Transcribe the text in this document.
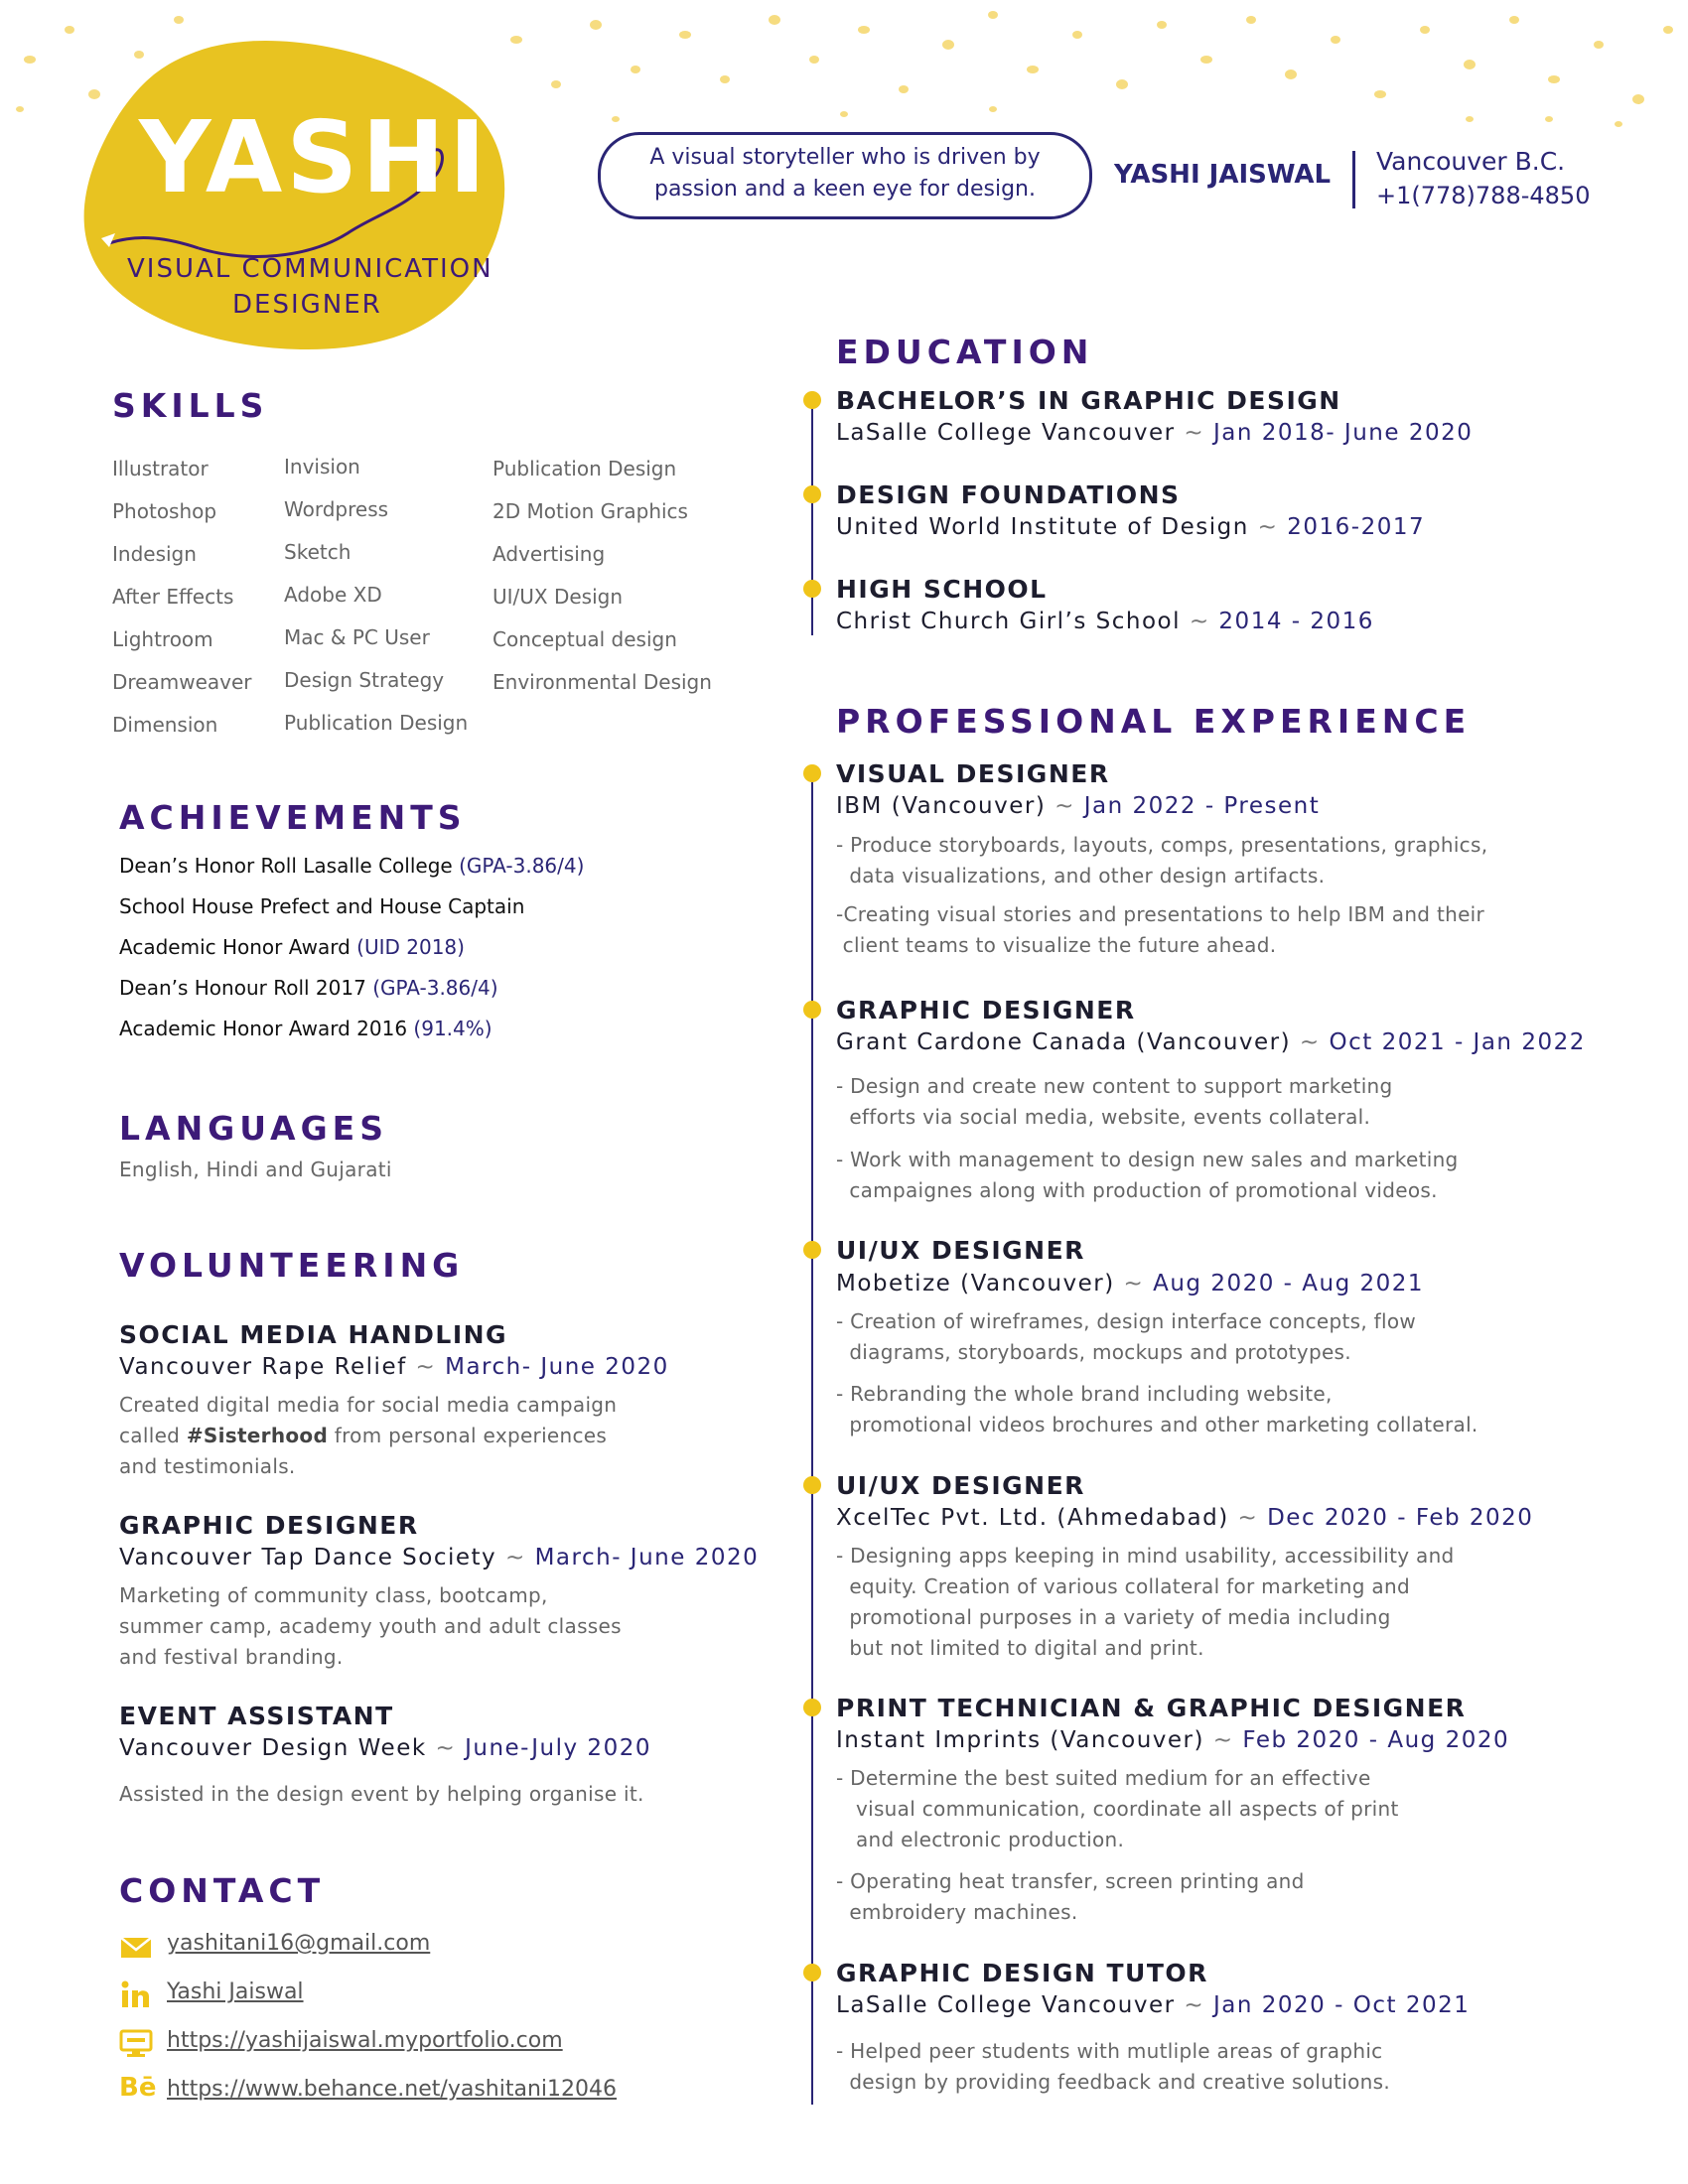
YASHI
VISUAL COMMUNICATION
DESIGNER
A visual storyteller who is driven by
passion and a keen eye for design.	YASHI JAISWAL Vancouver B.C.
+1(778)788-4850
SKILLS
Illustrator
Photoshop
Indesign
After Effects
Lightroom
Dreamweaver
Dimension
Invision
Wordpress
Sketch
Adobe XD
Mac & PC User
Design Strategy
Publication Design
Publication Design
2D Motion Graphics
Advertising
UI/UX Design
Conceptual design
Environmental Design
ACHIEVEMENTS
Dean’s Honor Roll Lasalle College (GPA-3.86/4)
School House Prefect and House Captain
Academic Honor Award (UID 2018)
Dean’s Honour Roll 2017 (GPA-3.86/4)
Academic Honor Award 2016 (91.4%)
LANGUAGES
English, Hindi and Gujarati
VOLUNTEERING
SOCIAL MEDIA HANDLING
Vancouver Rape Relief ~ March- June 2020
Created digital media for social media campaign
called #Sisterhood from personal experiences
and testimonials.
GRAPHIC DESIGNER
Vancouver Tap Dance Society ~ March- June 2020
Marketing of community class, bootcamp,
summer camp, academy youth and adult classes
and festival branding.
EVENT ASSISTANT
Vancouver Design Week ~ June-July 2020
Assisted in the design event by helping organise it.
CONTACT
yashitani16@gmail.com
Yashi Jaiswal
https://yashijaiswal.myportfolio.com
Bē https://www.behance.net/yashitani12046
EDUCATION
BACHELOR’S IN GRAPHIC DESIGN
LaSalle College Vancouver ~ Jan 2018- June 2020
DESIGN FOUNDATIONS
United World Institute of Design ~ 2016-2017
HIGH SCHOOL
Christ Church Girl’s School ~ 2014 - 2016
PROFESSIONAL EXPERIENCE
VISUAL DESIGNER
IBM (Vancouver) ~ Jan 2022 - Present
- Produce storyboards, layouts, comps, presentations, graphics,
data visualizations, and other design artifacts.
-Creating visual stories and presentations to help IBM and their
client teams to visualize the future ahead.
GRAPHIC DESIGNER
Grant Cardone Canada (Vancouver) ~ Oct 2021 - Jan 2022
- Design and create new content to support marketing
efforts via social media, website, events collateral.
- Work with management to design new sales and marketing
campaignes along with production of promotional videos.
UI/UX DESIGNER
Mobetize (Vancouver) ~ Aug 2020 - Aug 2021
- Creation of wireframes, design interface concepts, flow
diagrams, storyboards, mockups and prototypes.
- Rebranding the whole brand including website,
promotional videos brochures and other marketing collateral.
UI/UX DESIGNER
XcelTec Pvt. Ltd. (Ahmedabad) ~ Dec 2020 - Feb 2020
- Designing apps keeping in mind usability, accessibility and
equity. Creation of various collateral for marketing and
promotional purposes in a variety of media including
but not limited to digital and print.
PRINT TECHNICIAN & GRAPHIC DESIGNER
Instant Imprints (Vancouver) ~ Feb 2020 - Aug 2020
- Determine the best suited medium for an effective
visual communication, coordinate all aspects of print
and electronic production.
- Operating heat transfer, screen printing and
embroidery machines.
GRAPHIC DESIGN TUTOR
LaSalle College Vancouver ~ Jan 2020 - Oct 2021
- Helped peer students with mutliple areas of graphic
design by providing feedback and creative solutions.
